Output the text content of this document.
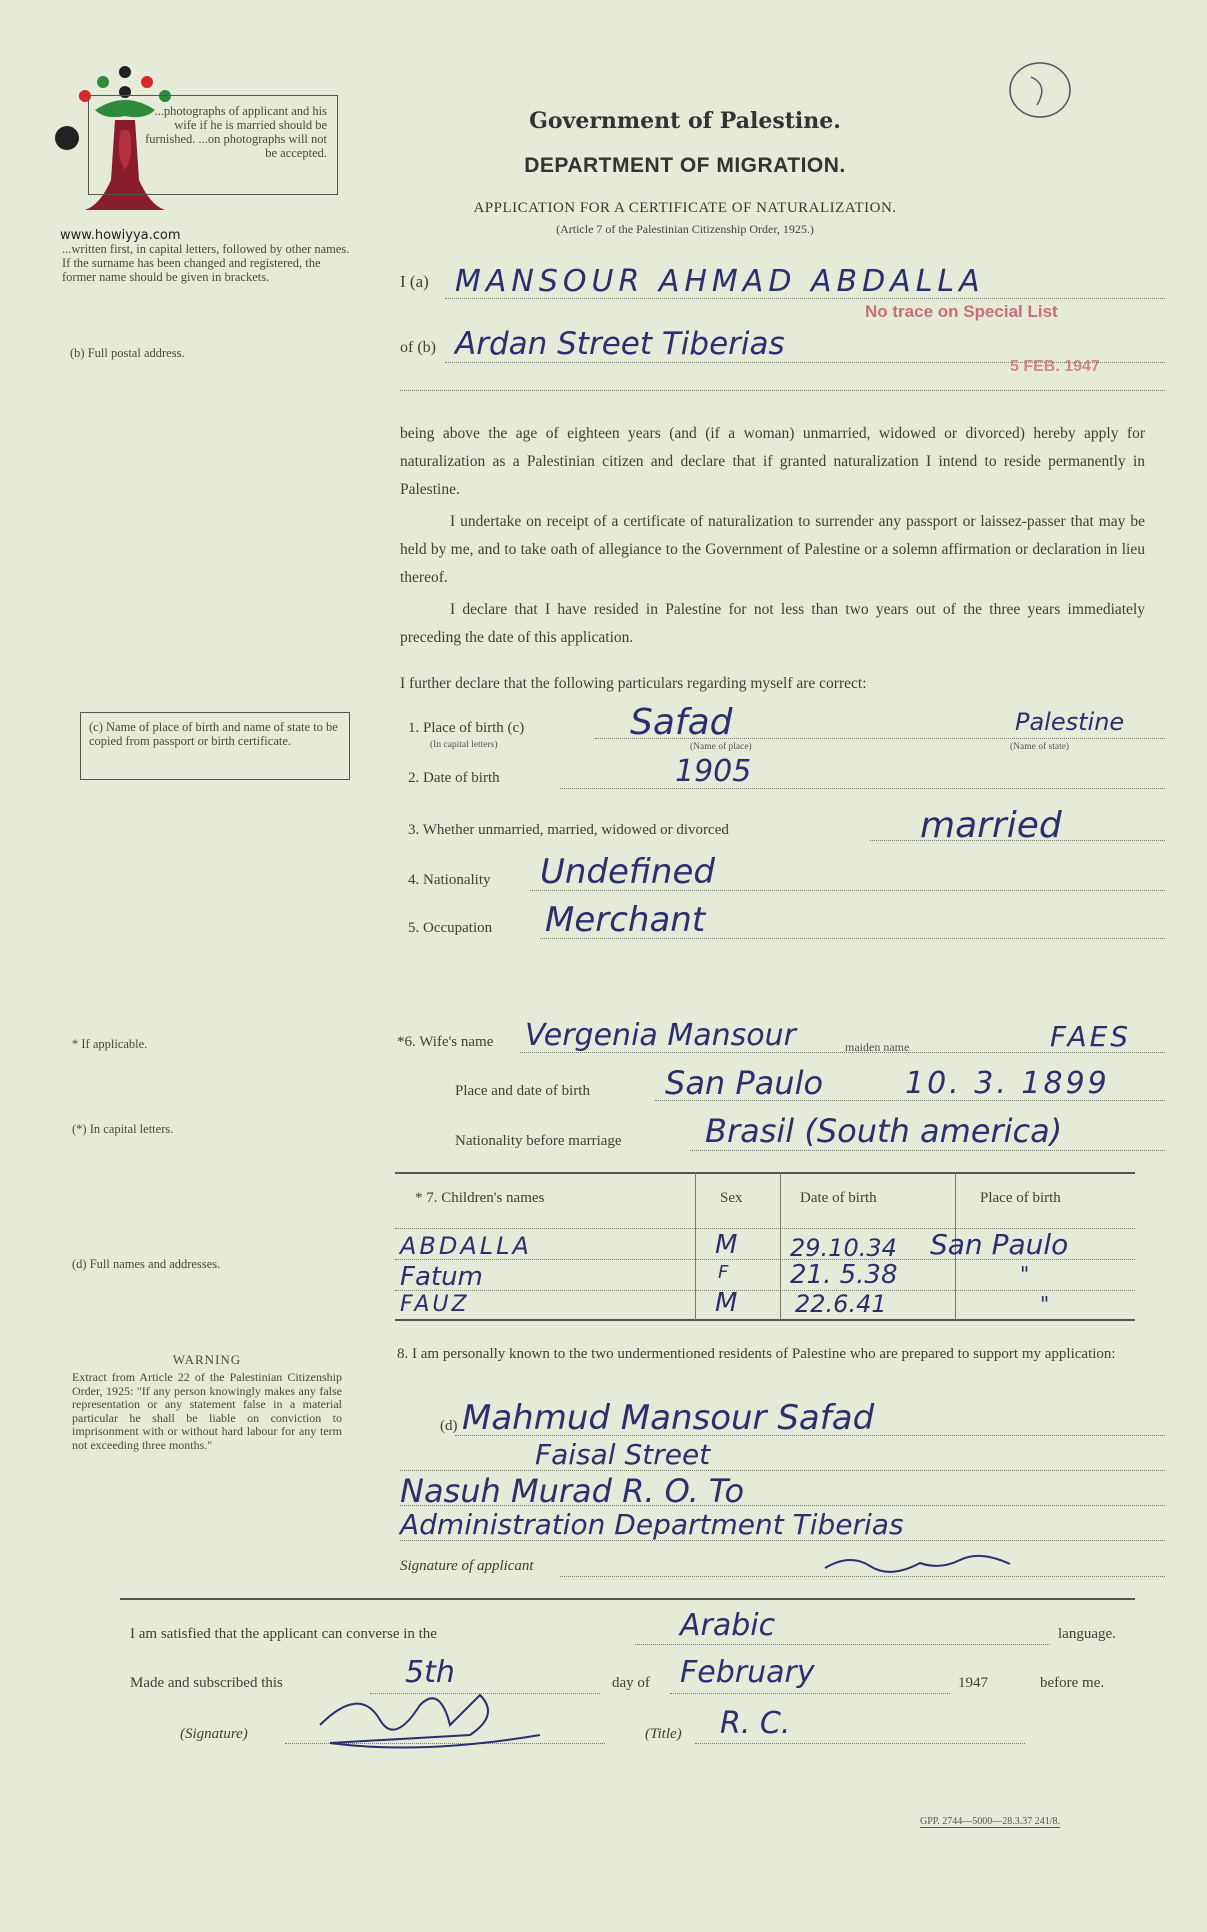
www.howiyya.com
...photographs of applicant and his wife if he is married should be furnished. ...on photographs will not be accepted.
...written first, in capital letters, followed by other names. If the surname has been changed and registered, the former name should be given in brackets.
(b) Full postal address.
(c) Name of place of birth and name of state to be copied from passport or birth certificate.
* If applicable.
(*) In capital letters.
(d) Full names and addresses.
WARNING
Extract from Article 22 of the Palestinian Citizenship Order, 1925: "If any person knowingly makes any false representation or any statement false in a material particular he shall be liable on conviction to imprisonment with or without hard labour for any term not exceeding three months."
Government of Palestine.
DEPARTMENT OF MIGRATION.
APPLICATION FOR A CERTIFICATE OF NATURALIZATION.
(Article 7 of the Palestinian Citizenship Order, 1925.)
I (a) MANSOUR AHMAD ABDALLA
of (b) Ardan Street Tiberias
No trace on Special List
5 FEB. 1947
being above the age of eighteen years (and (if a woman) unmarried, widowed or divorced) hereby apply for naturalization as a Palestinian citizen and declare that if granted naturalization I intend to reside permanently in Palestine.
I undertake on receipt of a certificate of naturalization to surrender any passport or laissez-passer that may be held by me, and to take oath of allegiance to the Government of Palestine or a solemn affirmation or declaration in lieu thereof.
I declare that I have resided in Palestine for not less than two years out of the three years immediately preceding the date of this application.
I further declare that the following particulars regarding myself are correct:
1. Place of birth (c)
(In capital letters)	(Name of place)	(Name of state)
Safad	Palestine
2. Date of birth	1905
3. Whether unmarried, married, widowed or divorced	married
4. Nationality Undefined
5. Occupation Merchant
*6. Wife's name Vergenia Mansour	maiden name	FAES
Place and date of birth San Paulo	10. 3. 1899
Nationality before marriage	Brasil (South america)
* 7. Children's names	Sex	Date of birth	Place of birth
ABDALLA	M 29.10.34 San Paulo
Fatum	F 21. 5.38	"
FAUZ	M 22.6.41	"
8. I am personally known to the two undermentioned residents of Palestine who are prepared to support my application:
(d) Mahmud Mansour Safad
Faisal Street
Nasuh Murad R. O. To
Administration Department Tiberias
Signature of applicant
I am satisfied that the applicant can converse in the	Arabic	language.
Made and subscribed this	5th	day of February	1947	before me.
(Signature)	(Title) R. C.
GPP. 2744—5000—28.3.37 241/8.
